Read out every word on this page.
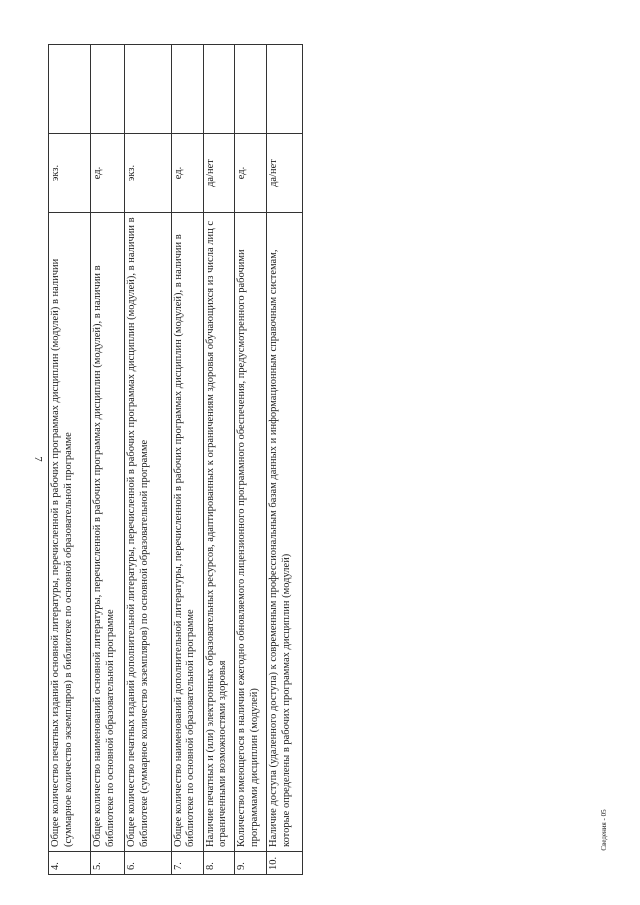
7
4.	Общее количество печатных изданий основной литературы, перечисленной в рабочих программах дисциплин (модулей) в наличии (суммарное количество экземпляров) в библиотеке по основной образовательной программе	экз.	
5.	Общее количество наименований основной литературы, перечисленной в рабочих программах дисциплин (модулей), в наличии в библиотеке по основной образовательной программе	ед.	
6.	Общее количество печатных изданий дополнительной литературы, перечисленной в рабочих программах дисциплин (модулей), в наличии в библиотеке (суммарное количество экземпляров) по основной образовательной программе	экз.	
7.	Общее количество наименований дополнительной литературы, перечисленной в рабочих программах дисциплин (модулей), в наличии в библиотеке по основной образовательной программе	ед.	
8.	Наличие печатных и (или) электронных образовательных ресурсов, адаптированных к ограничениям здоровья обучающихся из числа лиц с ограниченными возможностями здоровья	да/нет	
9.	Количество имеющегося в наличии ежегодно обновляемого лицензионного программного обеспечения, предусмотренного рабочими программами дисциплин (модулей)	ед.	
10.	Наличие доступа (удаленного доступа) к современным профессиональным базам данных и информационным справочным системам, которые определены в рабочих программах дисциплин (модулей)	да/нет	
Сведения - 05
